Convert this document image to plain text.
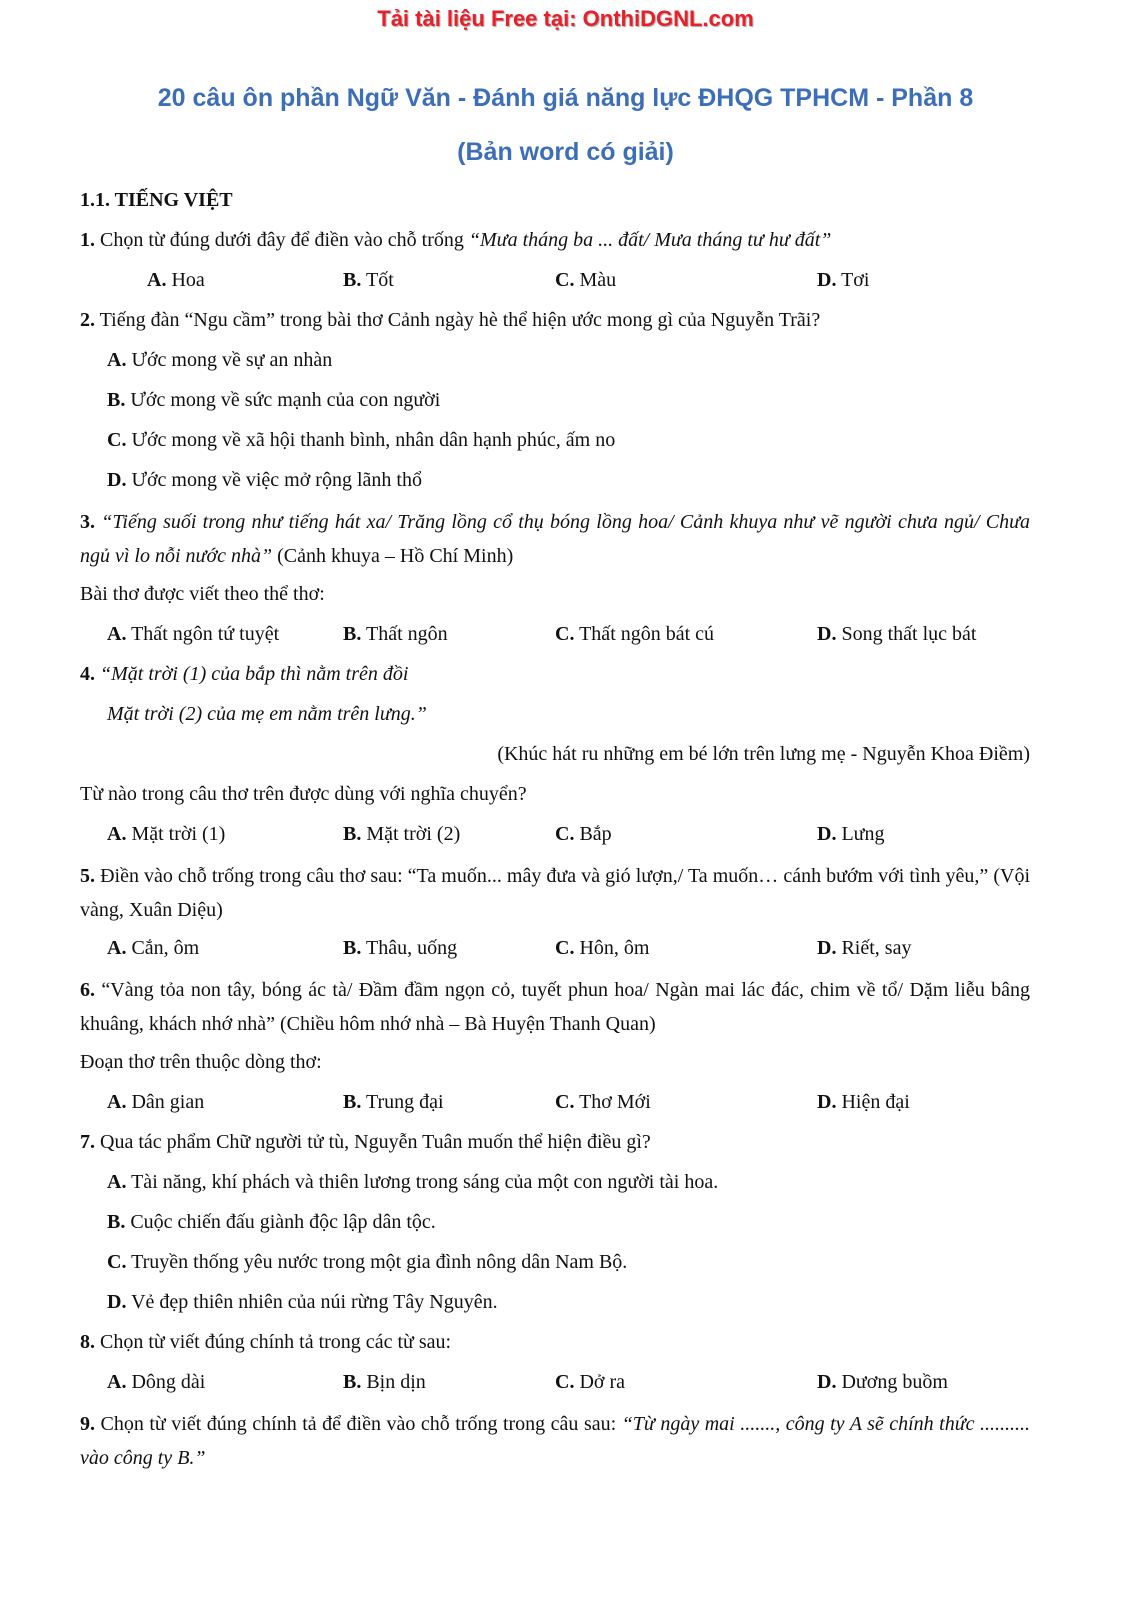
Tải tài liệu Free tại: OnthiDGNL.com
20 câu ôn phần Ngữ Văn - Đánh giá năng lực ĐHQG TPHCM - Phần 8
(Bản word có giải)
1.1. TIẾNG VIỆT
1. Chọn từ đúng dưới đây để điền vào chỗ trống “Mưa tháng ba ... đất/ Mưa tháng tư hư đất”
A. Hoa	B. Tốt	C. Màu	D. Tơi
2. Tiếng đàn “Ngu cầm” trong bài thơ Cảnh ngày hè thể hiện ước mong gì của Nguyễn Trãi?
A. Ước mong về sự an nhàn
B. Ước mong về sức mạnh của con người
C. Ước mong về xã hội thanh bình, nhân dân hạnh phúc, ấm no
D. Ước mong về việc mở rộng lãnh thổ
3. “Tiếng suối trong như tiếng hát xa/ Trăng lồng cổ thụ bóng lồng hoa/ Cảnh khuya như vẽ người chưa ngủ/ Chưa ngủ vì lo nỗi nước nhà” (Cảnh khuya – Hồ Chí Minh)
Bài thơ được viết theo thể thơ:
A. Thất ngôn tứ tuyệt	B. Thất ngôn	C. Thất ngôn bát cú	D. Song thất lục bát
4. “Mặt trời (1) của bắp thì nằm trên đồi
Mặt trời (2) của mẹ em nằm trên lưng.”
(Khúc hát ru những em bé lớn trên lưng mẹ - Nguyễn Khoa Điềm)
Từ nào trong câu thơ trên được dùng với nghĩa chuyển?
A. Mặt trời (1)	B. Mặt trời (2)	C. Bắp	D. Lưng
5. Điền vào chỗ trống trong câu thơ sau: “Ta muốn... mây đưa và gió lượn,/ Ta muốn… cánh bướm với tình yêu,” (Vội vàng, Xuân Diệu)
A. Cắn, ôm	B. Thâu, uống	C. Hôn, ôm	D. Riết, say
6. “Vàng tỏa non tây, bóng ác tà/ Đầm đầm ngọn cỏ, tuyết phun hoa/ Ngàn mai lác đác, chim về tổ/ Dặm liễu bâng khuâng, khách nhớ nhà” (Chiều hôm nhớ nhà – Bà Huyện Thanh Quan)
Đoạn thơ trên thuộc dòng thơ:
A. Dân gian	B. Trung đại	C. Thơ Mới	D. Hiện đại
7. Qua tác phẩm Chữ người tử tù, Nguyễn Tuân muốn thể hiện điều gì?
A. Tài năng, khí phách và thiên lương trong sáng của một con người tài hoa.
B. Cuộc chiến đấu giành độc lập dân tộc.
C. Truyền thống yêu nước trong một gia đình nông dân Nam Bộ.
D. Vẻ đẹp thiên nhiên của núi rừng Tây Nguyên.
8. Chọn từ viết đúng chính tả trong các từ sau:
A. Dông dài	B. Bịn dịn	C. Dở ra	D. Dương buồm
9. Chọn từ viết đúng chính tả để điền vào chỗ trống trong câu sau: “Từ ngày mai ......., công ty A sẽ chính thức .......... vào công ty B.”
